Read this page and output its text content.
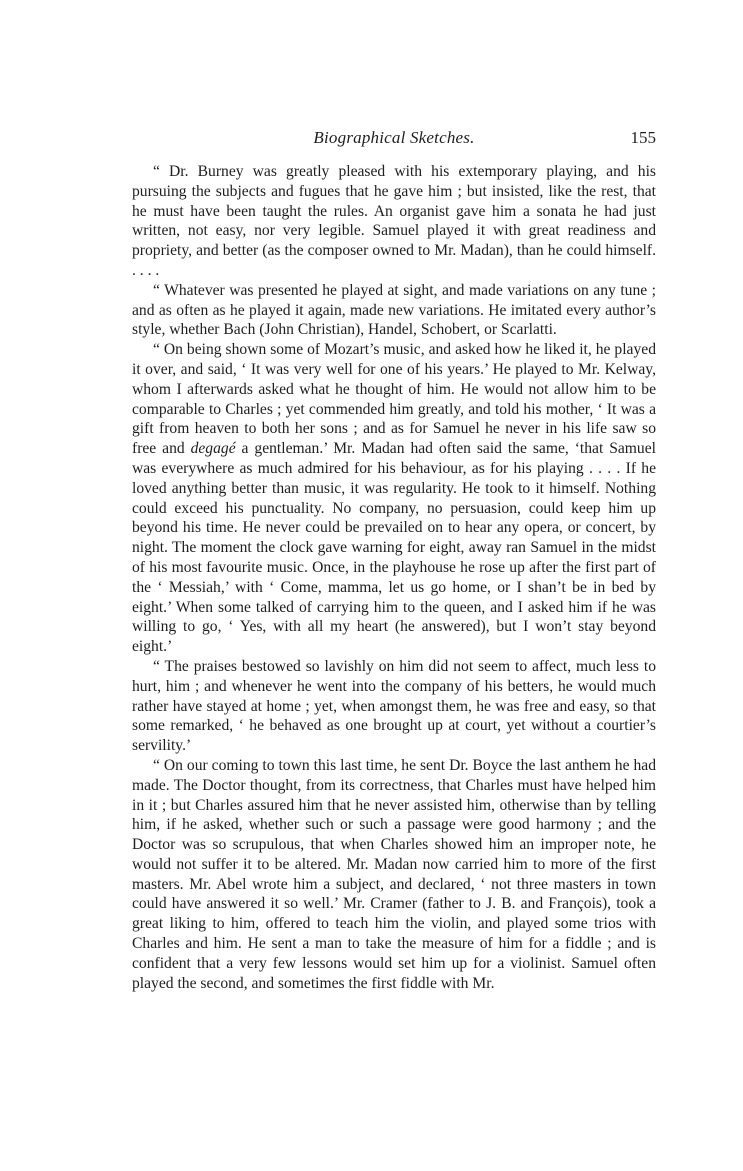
Biographical Sketches.	155

“ Dr. Burney was greatly pleased with his extemporary playing, and his pursuing the subjects and fugues that he gave him ; but insisted, like the rest, that he must have been taught the rules. An organist gave him a sonata he had just written, not easy, nor very legible. Samuel played it with great readiness and propriety, and better (as the composer owned to Mr. Madan), than he could himself. . . . .

“ Whatever was presented he played at sight, and made variations on any tune ; and as often as he played it again, made new variations. He imitated every author’s style, whether Bach (John Christian), Handel, Schobert, or Scarlatti.

“ On being shown some of Mozart’s music, and asked how he liked it, he played it over, and said, ‘ It was very well for one of his years.’ He played to Mr. Kelway, whom I afterwards asked what he thought of him. He would not allow him to be comparable to Charles ; yet commended him greatly, and told his mother, ‘ It was a gift from heaven to both her sons ; and as for Samuel he never in his life saw so free and degagé a gentleman.’ Mr. Madan had often said the same, ‘that Samuel was everywhere as much admired for his behaviour, as for his playing . . . . If he loved anything better than music, it was regularity. He took to it himself. Nothing could exceed his punctuality. No company, no persuasion, could keep him up beyond his time. He never could be prevailed on to hear any opera, or concert, by night. The moment the clock gave warning for eight, away ran Samuel in the midst of his most favourite music. Once, in the playhouse he rose up after the first part of the ‘ Messiah,’ with ‘ Come, mamma, let us go home, or I shan’t be in bed by eight.’ When some talked of carrying him to the queen, and I asked him if he was willing to go, ‘ Yes, with all my heart (he answered), but I won’t stay beyond eight.’

“ The praises bestowed so lavishly on him did not seem to affect, much less to hurt, him ; and whenever he went into the company of his betters, he would much rather have stayed at home ; yet, when amongst them, he was free and easy, so that some remarked, ‘ he behaved as one brought up at court, yet without a courtier’s servility.’

“ On our coming to town this last time, he sent Dr. Boyce the last anthem he had made. The Doctor thought, from its correctness, that Charles must have helped him in it ; but Charles assured him that he never assisted him, otherwise than by telling him, if he asked, whether such or such a passage were good harmony ; and the Doctor was so scrupulous, that when Charles showed him an improper note, he would not suffer it to be altered. Mr. Madan now carried him to more of the first masters. Mr. Abel wrote him a subject, and declared, ‘ not three masters in town could have answered it so well.’ Mr. Cramer (father to J. B. and François), took a great liking to him, offered to teach him the violin, and played some trios with Charles and him. He sent a man to take the measure of him for a fiddle ; and is confident that a very few lessons would set him up for a violinist. Samuel often played the second, and sometimes the first fiddle with Mr.
